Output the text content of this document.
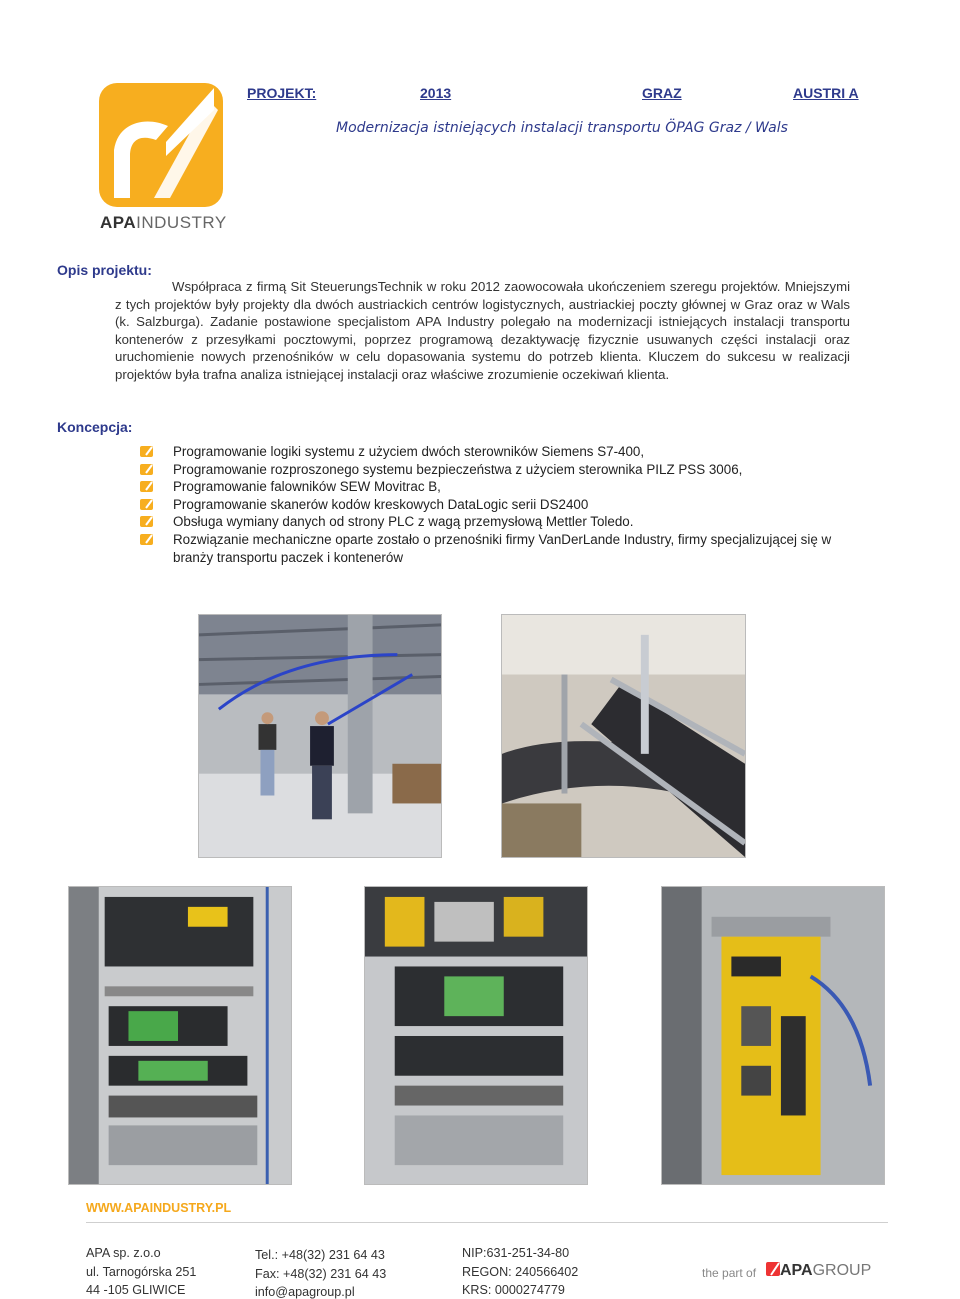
APAINDUSTRY
PROJEKT:	2013	GRAZ	AUSTRI A
Modernizacja istniejących instalacji transportu ÖPAG Graz / Wals
Opis projektu:

Współpraca z firmą Sit SteuerungsTechnik w roku 2012 zaowocowała ukończeniem szeregu projektów. Mniejszymi z tych projektów były projekty dla dwóch austriackich centrów logistycznych, austriackiej poczty głównej w Graz oraz w Wals (k. Salzburga). Zadanie postawione specjalistom APA Industry polegało na modernizacji istniejących instalacji transportu kontenerów z przesyłkami pocztowymi, poprzez programową dezaktywację fizycznie usuwanych części instalacji oraz uruchomienie nowych przenośników w celu dopasowania systemu do potrzeb klienta. Kluczem do sukcesu w realizacji projektów była trafna analiza istniejącej instalacji oraz właściwe zrozumienie oczekiwań klienta.

Koncepcja:
Programowanie logiki systemu z użyciem dwóch sterowników Siemens S7-400,
Programowanie rozproszonego systemu bezpieczeństwa z użyciem sterownika PILZ PSS 3006,
Programowanie falowników SEW Movitrac B,
Programowanie skanerów kodów kreskowych DataLogic serii DS2400
Obsługa wymiany danych od strony PLC z wagą przemysłową Mettler Toledo.
Rozwiązanie mechaniczne oparte zostało o przenośniki firmy VanDerLande Industry, firmy specjalizującej się w branży transportu paczek i kontenerów
WWW.APAINDUSTRY.PL
APA sp. z.o.o
ul. Tarnogórska 251
44 -105 GLIWICE
Tel.: +48(32) 231 64 43
Fax: +48(32) 231 64 43
info@apagroup.pl
NIP:631-251-34-80
REGON: 240566402
KRS: 0000274779
the part of	APAGROUP
